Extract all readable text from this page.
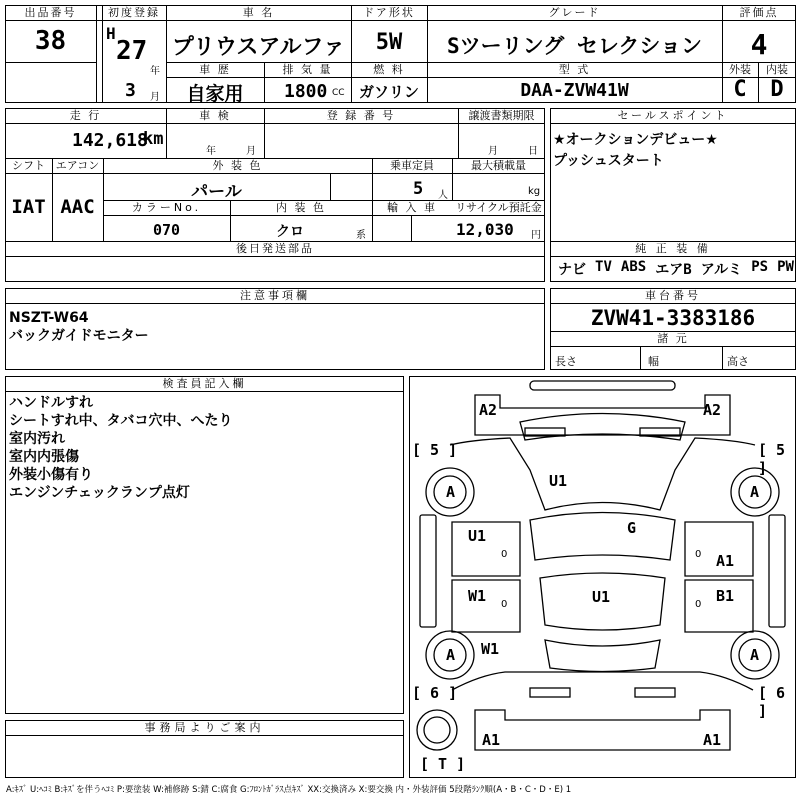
出品番号
38
初度登録
H
27
年
3 月
車 名
プリウスアルファ
ドア形状
5W
グレード
Sツーリング セレクション
評価点
4
車 歴
自家用
排 気 量
1800 CC
燃 料
ガソリン
型 式
DAA-ZVW41W
外装	内装
C	D
走 行
142,618
km
車 検
年	月
登 録 番 号	譲渡書類期限
月	日
シフト
IAT
エアコン
AAC
外 装 色
パール
乗車定員
5 人
最大積載量
kg
カラーNo.
070
内 装 色
クロ	系
輸 入 車	リサイクル預託金
12,030 円
後日発送部品
セールスポイント
★オークションデビュー★
プッシュスタート
純 正 装 備
ナビ TV ABS エアB アルミ PS PW
注意事項欄
NSZT-W64
バックガイドモニター
車台番号
ZVW41-3383186
諸 元
長さ	幅	高さ
検査員記入欄
ハンドルすれ
シートすれ中、タバコ穴中、へたり
室内汚れ
室内内張傷
外装小傷有り
エンジンチェックランプ点灯
事務局よりご案内
A2	A2
[ 5 ]	[ 5 ]
A	A
U1
G
U1
A1
W1	B1
U1
W1
A	A
[ 6 ]	[ 6 ]
A1	A1
[ T ]
0
0
0
0
A:ｷｽﾞ U:ﾍｺﾐ B:ｷｽﾞを伴うﾍｺﾐ P:要塗装 W:補修跡 S:錆 C:腐食 G:ﾌﾛﾝﾄｶﾞﾗｽ点ｷｽﾞ XX:交換済み X:要交換 内・外装評価 5段階ﾗﾝｸ順(A・B・C・D・E) 1
